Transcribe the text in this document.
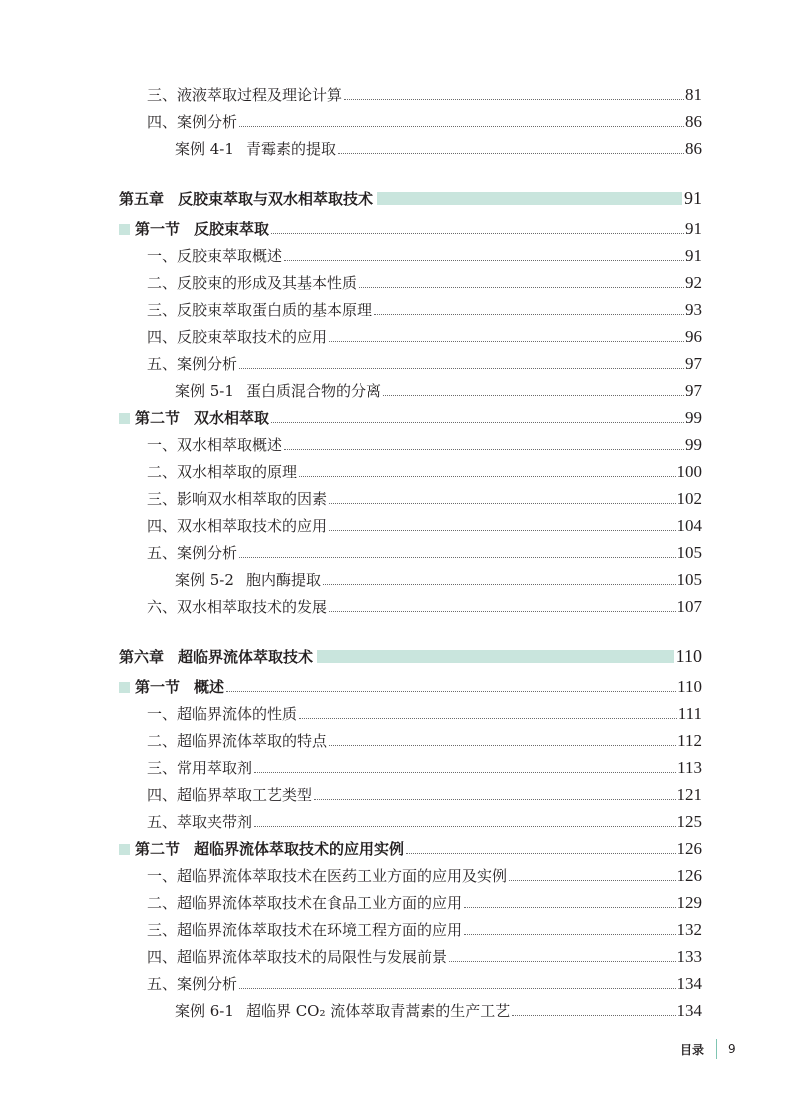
三、液液萃取过程及理论计算	81
四、案例分析	86
案例 4-1 青霉素的提取	86
第五章 反胶束萃取与双水相萃取技术	91
第一节 反胶束萃取	91
一、反胶束萃取概述	91
二、反胶束的形成及其基本性质	92
三、反胶束萃取蛋白质的基本原理	93
四、反胶束萃取技术的应用	96
五、案例分析	97
案例 5-1 蛋白质混合物的分离	97
第二节 双水相萃取	99
一、双水相萃取概述	99
二、双水相萃取的原理	100
三、影响双水相萃取的因素	102
四、双水相萃取技术的应用	104
五、案例分析	105
案例 5-2 胞内酶提取	105
六、双水相萃取技术的发展	107
第六章 超临界流体萃取技术	110
第一节 概述	110
一、超临界流体的性质	111
二、超临界流体萃取的特点	112
三、常用萃取剂	113
四、超临界萃取工艺类型	121
五、萃取夹带剂	125
第二节 超临界流体萃取技术的应用实例	126
一、超临界流体萃取技术在医药工业方面的应用及实例	126
二、超临界流体萃取技术在食品工业方面的应用	129
三、超临界流体萃取技术在环境工程方面的应用	132
四、超临界流体萃取技术的局限性与发展前景	133
五、案例分析	134
案例 6-1 超临界 CO₂ 流体萃取青蒿素的生产工艺	134
目录 9
